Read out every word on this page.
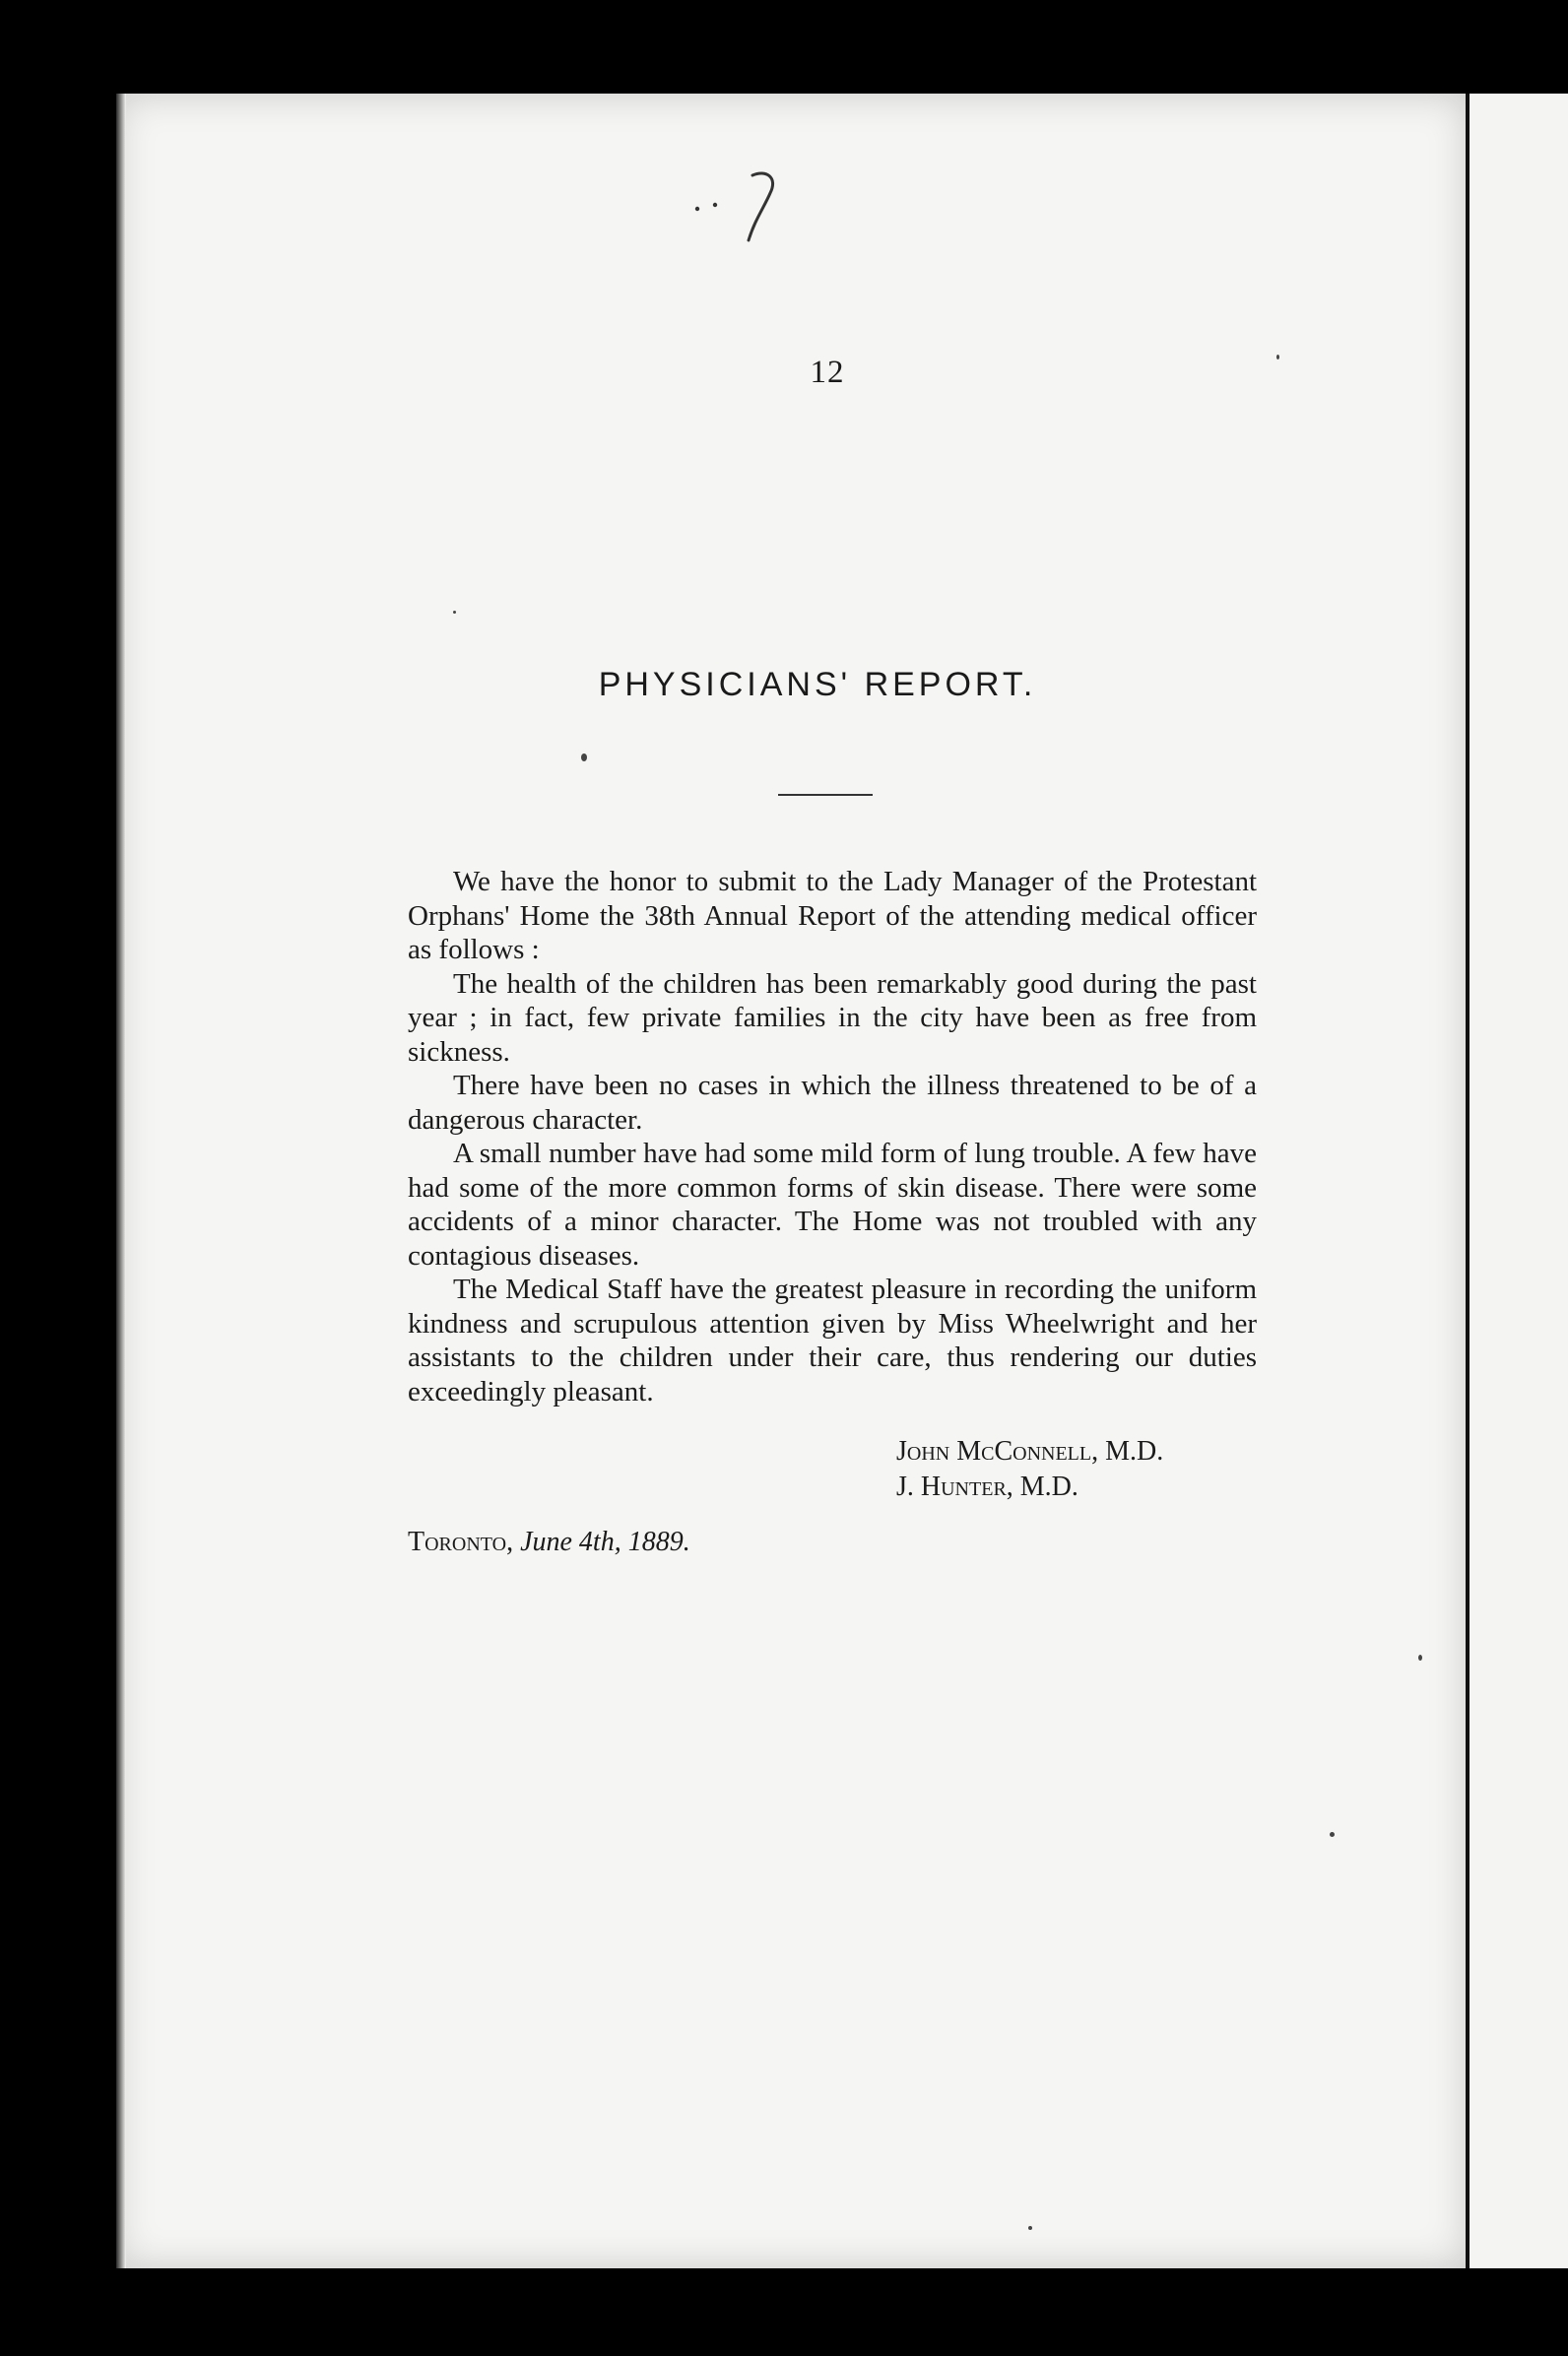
12
PHYSICIANS' REPORT.

We have the honor to submit to the Lady Manager of the Protestant Orphans' Home the 38th Annual Report of the attending medical officer as follows :

The health of the children has been remarkably good during the past year ; in fact, few private families in the city have been as free from sickness.

There have been no cases in which the illness threatened to be of a dangerous character.

A small number have had some mild form of lung trouble. A few have had some of the more common forms of skin disease. There were some accidents of a minor character. The Home was not troubled with any contagious diseases.

The Medical Staff have the greatest pleasure in recording the uniform kindness and scrupulous attention given by Miss Wheelwright and her assistants to the children under their care, thus rendering our duties exceedingly pleasant.

John McConnell, M.D.
J. Hunter, M.D.
Toronto, June 4th, 1889.
